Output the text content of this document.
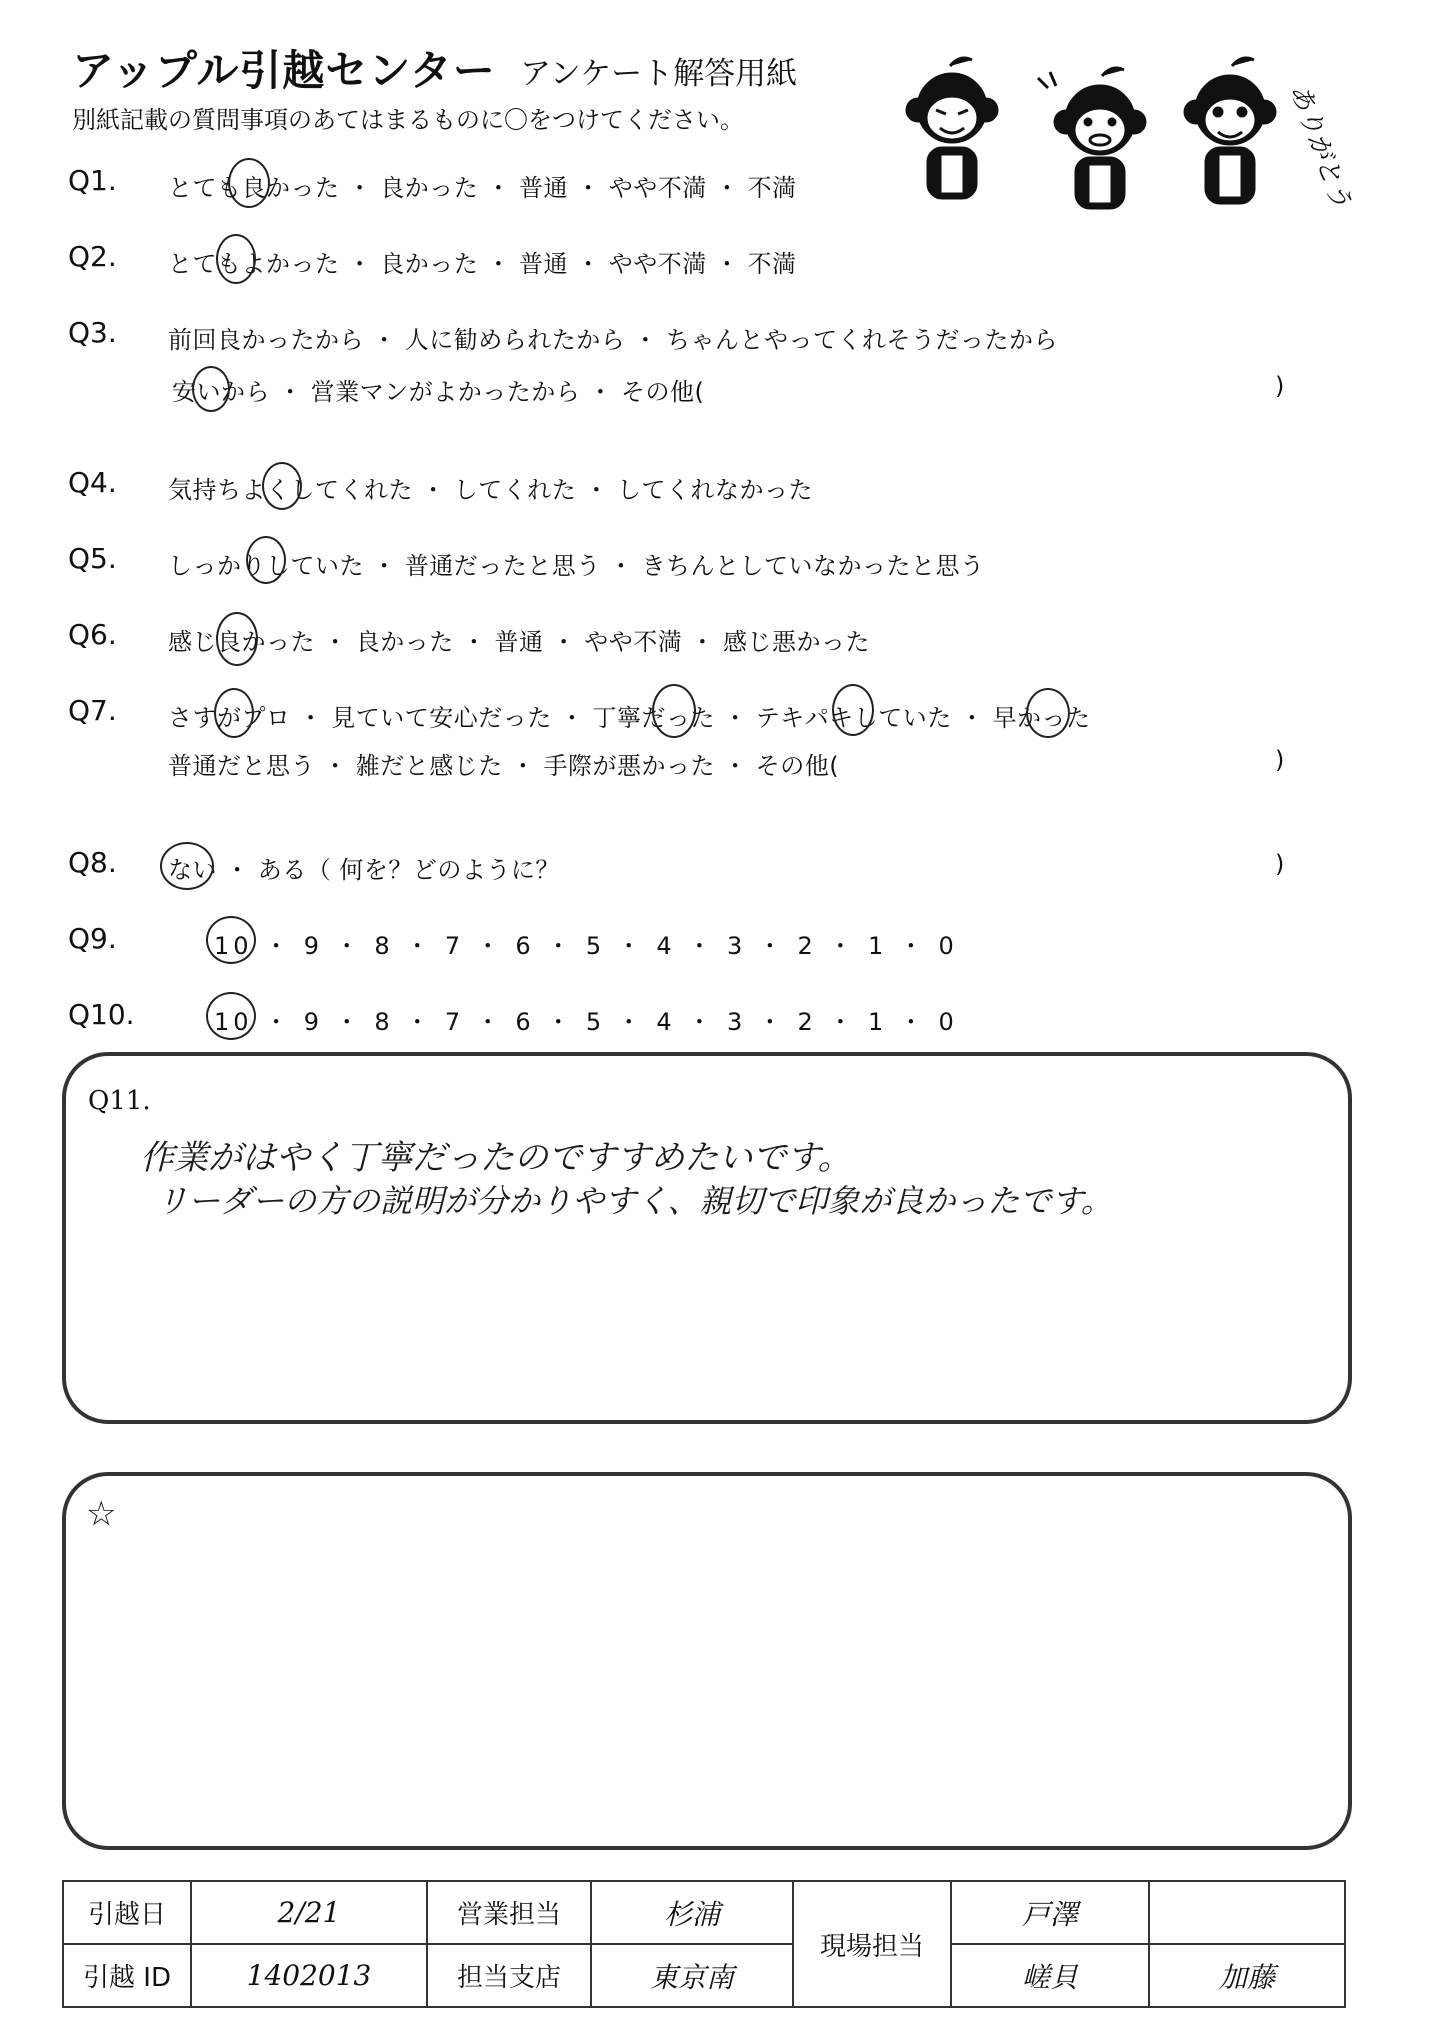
アップル引越センター アンケート解答用紙
別紙記載の質問事項のあてはまるものに〇をつけてください。	ありがとう
Q1. とても良かった ・ 良かった ・ 普通 ・ やや不満 ・ 不満
Q2. とてもよかった ・ 良かった ・ 普通 ・ やや不満 ・ 不満
Q3. 前回良かったから ・ 人に勧められたから ・ ちゃんとやってくれそうだったから
安いから ・ 営業マンがよかったから ・ その他(	)
Q4. 気持ちよくしてくれた ・ してくれた ・ してくれなかった
Q5. しっかりしていた ・ 普通だったと思う ・ きちんとしていなかったと思う
Q6. 感じ良かった ・ 良かった ・ 普通 ・ やや不満 ・ 感じ悪かった
Q7. さすがプロ ・ 見ていて安心だった ・ 丁寧だった ・ テキパキしていた ・ 早かった
普通だと思う ・ 雑だと感じた ・ 手際が悪かった ・ その他(	)
Q8. ない ・ ある（ 何を？どのように？	)
Q9.	10 ・ 9 ・ 8 ・ 7 ・ 6 ・ 5 ・ 4 ・ 3 ・ 2 ・ 1 ・ 0
Q10.	10 ・ 9 ・ 8 ・ 7 ・ 6 ・ 5 ・ 4 ・ 3 ・ 2 ・ 1 ・ 0
Q11.
作業がはやく丁寧だったのですすめたいです。
リーダーの方の説明が分かりやすく、親切で印象が良かったです。
☆
引越日	2/21	営業担当	杉浦	現場担当	戸澤	
引越 ID	1402013	担当支店	東京南		嵯貝	加藤
